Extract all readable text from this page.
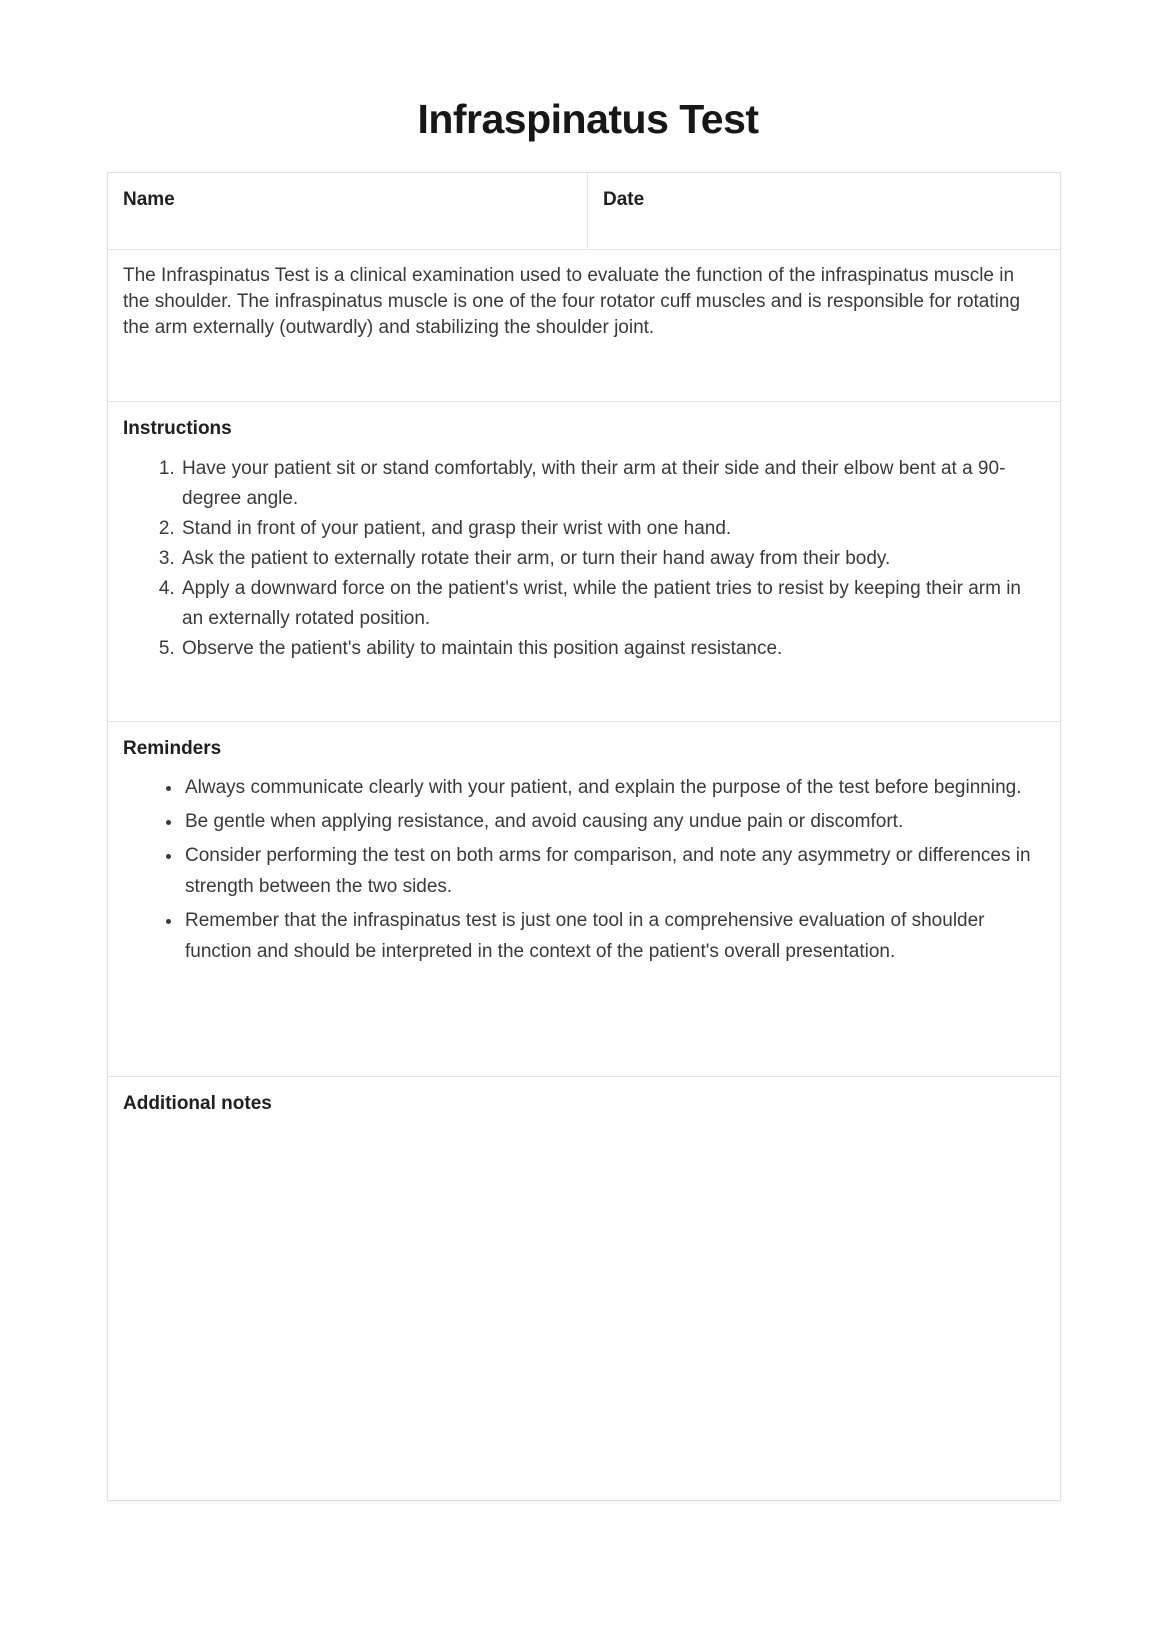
Infraspinatus Test
Name	Date

The Infraspinatus Test is a clinical examination used to evaluate the function of the infraspinatus muscle in the shoulder. The infraspinatus muscle is one of the four rotator cuff muscles and is responsible for rotating the arm externally (outwardly) and stabilizing the shoulder joint.

Instructions
1. Have your patient sit or stand comfortably, with their arm at their side and their elbow bent at a 90-degree angle.
2. Stand in front of your patient, and grasp their wrist with one hand.
3. Ask the patient to externally rotate their arm, or turn their hand away from their body.
4. Apply a downward force on the patient's wrist, while the patient tries to resist by keeping their arm in an externally rotated position.
5. Observe the patient's ability to maintain this position against resistance.
Reminders
• Always communicate clearly with your patient, and explain the purpose of the test before beginning.
• Be gentle when applying resistance, and avoid causing any undue pain or discomfort.
• Consider performing the test on both arms for comparison, and note any asymmetry or differences in strength between the two sides.
• Remember that the infraspinatus test is just one tool in a comprehensive evaluation of shoulder function and should be interpreted in the context of the patient's overall presentation.
Additional notes
